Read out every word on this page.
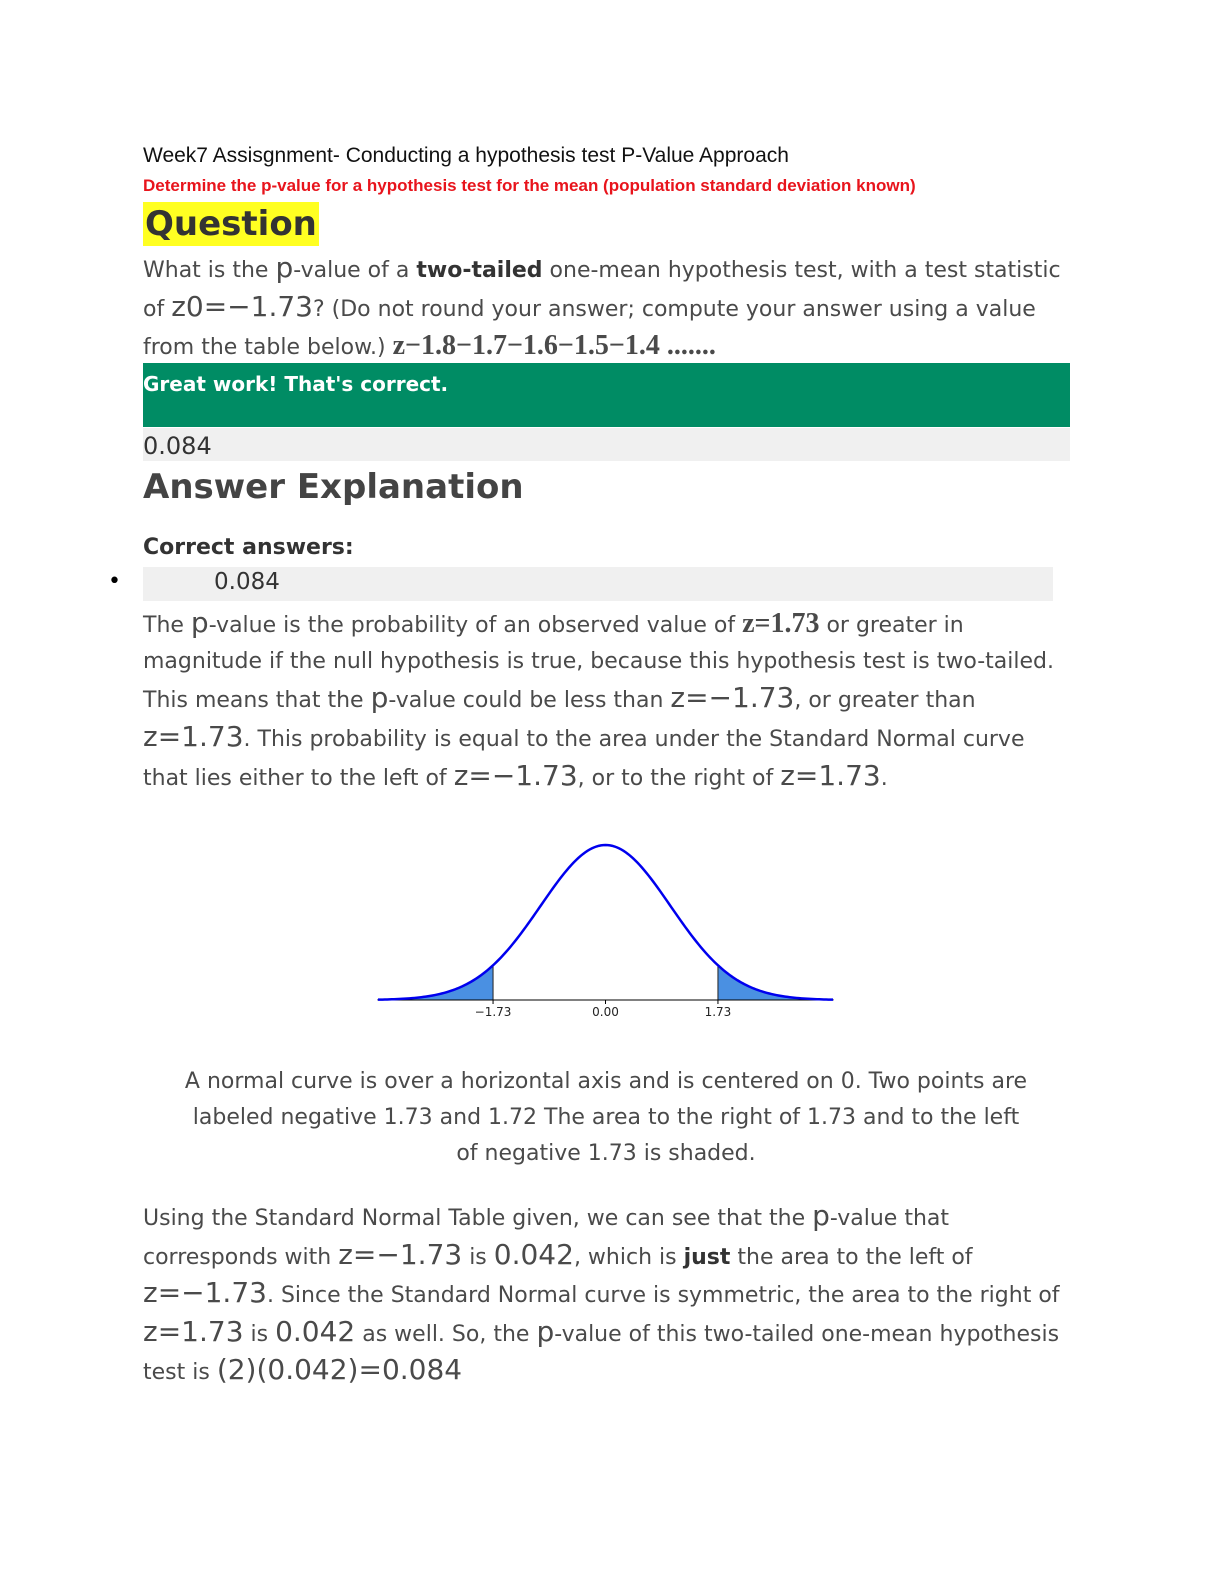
Week7 Assisgnment- Conducting a hypothesis test P-Value Approach
Determine the p-value for a hypothesis test for the mean (population standard deviation known)
Question
What is the p-value of a two-tailed one-mean hypothesis test, with a test statistic of z0=−1.73? (Do not round your answer; compute your answer using a value from the table below.) z−1.8−1.7−1.6−1.5−1.4 .......
Great work! That's correct.
0.084
Answer Explanation
Correct answers:
•	0.084
The p-value is the probability of an observed value of z=1.73 or greater in magnitude if the null hypothesis is true, because this hypothesis test is two-tailed. This means that the p-value could be less than z=−1.73, or greater than z=1.73. This probability is equal to the area under the Standard Normal curve that lies either to the left of z=−1.73, or to the right of z=1.73.
A normal curve is over a horizontal axis and is centered on 0. Two points are labeled negative 1.73 and 1.72 The area to the right of 1.73 and to the left of negative 1.73 is shaded.
Using the Standard Normal Table given, we can see that the p-value that corresponds with z=−1.73 is 0.042, which is just the area to the left of z=−1.73. Since the Standard Normal curve is symmetric, the area to the right of z=1.73 is 0.042 as well. So, the p-value of this two-tailed one-mean hypothesis test is (2)(0.042)=0.084
−1.73	0.00	1.73
